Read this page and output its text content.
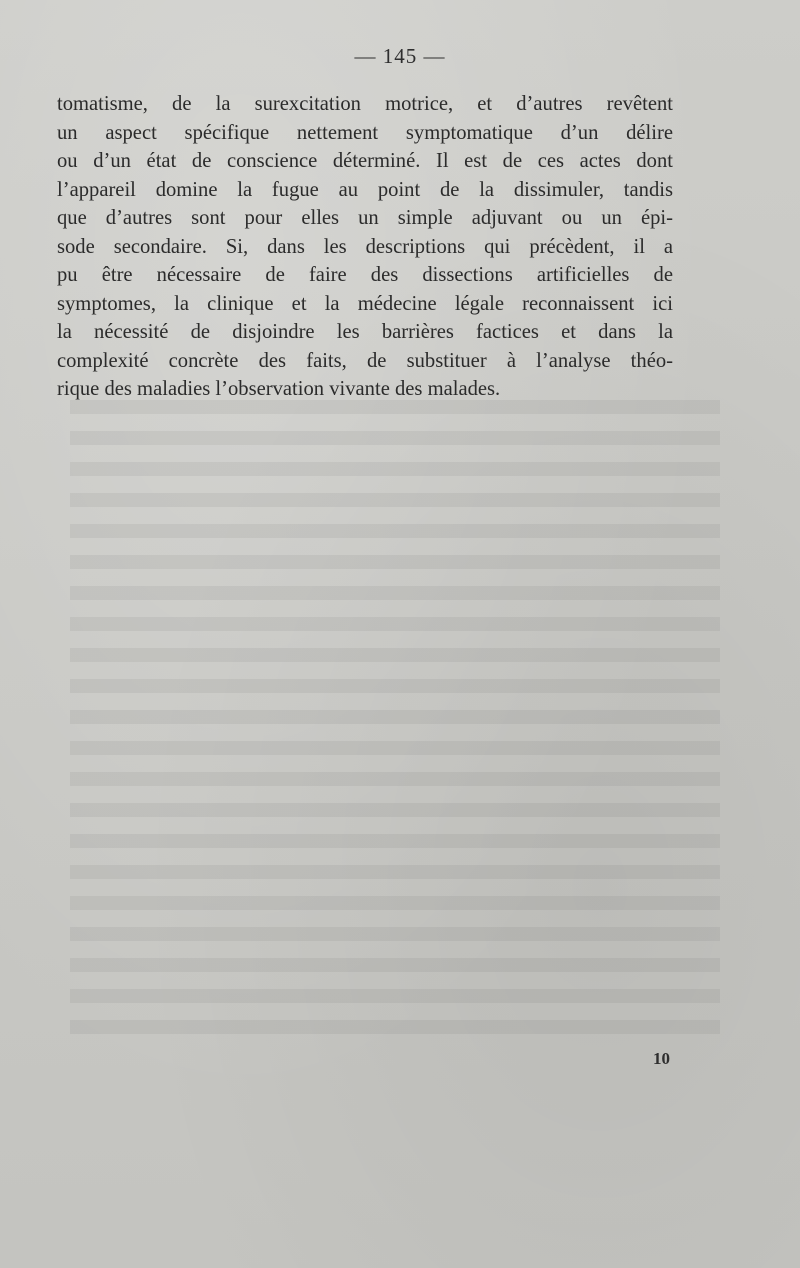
— 145 —
tomatisme, de la surexcitation motrice, et d’autres revêtent
un aspect spécifique nettement symptomatique d’un délire
ou d’un état de conscience déterminé. Il est de ces actes dont
l’appareil domine la fugue au point de la dissimuler, tandis
que d’autres sont pour elles un simple adjuvant ou un épi-
sode secondaire. Si, dans les descriptions qui précèdent, il a
pu être nécessaire de faire des dissections artificielles de
symptomes, la clinique et la médecine légale reconnaissent ici
la nécessité de disjoindre les barrières factices et dans la
complexité concrète des faits, de substituer à l’analyse théo-
rique des maladies l’observation vivante des malades.
10
